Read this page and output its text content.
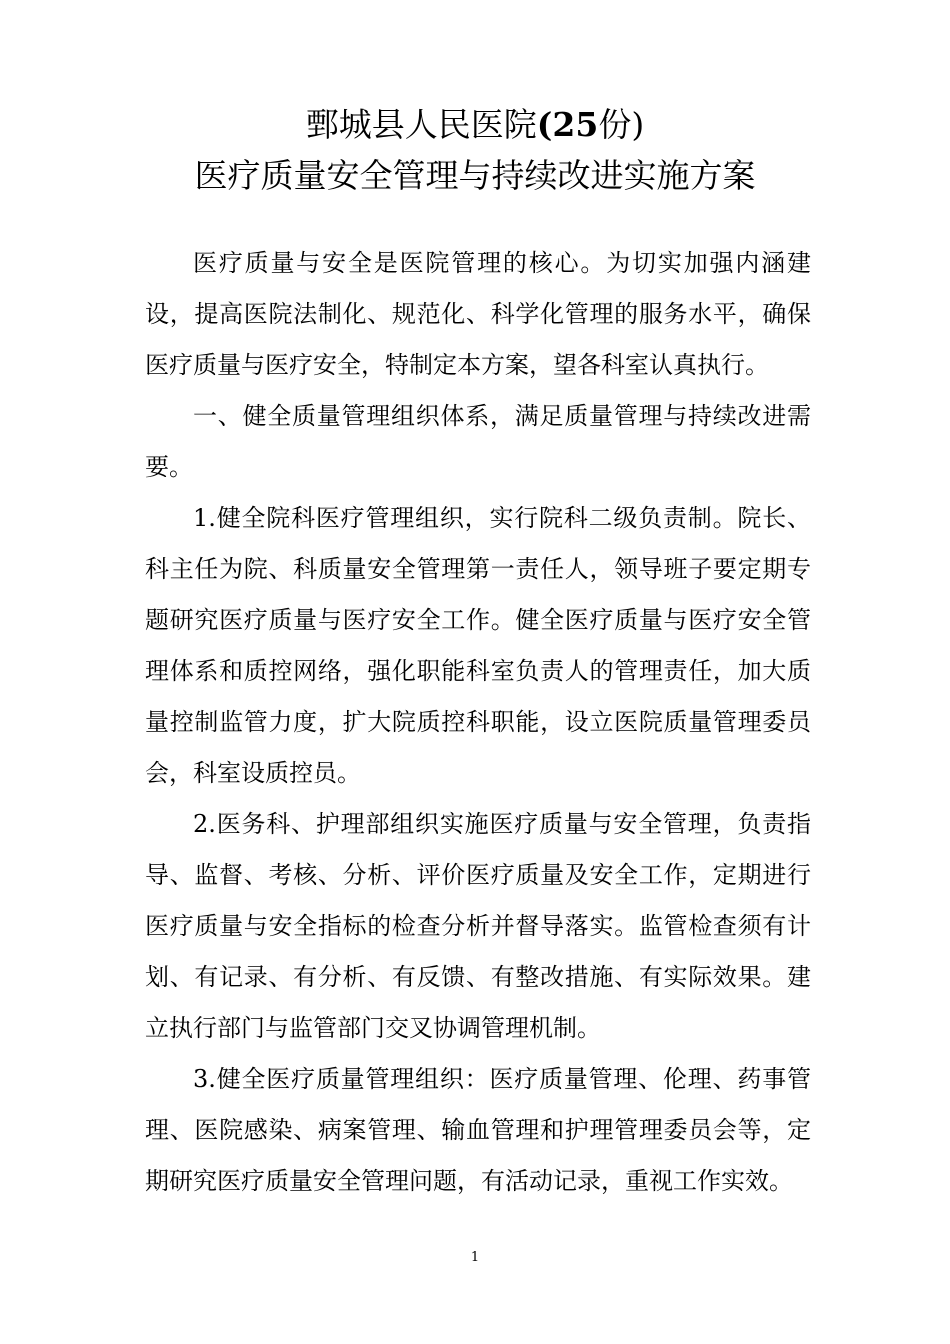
鄄城县人民医院(25份)
医疗质量安全管理与持续改进实施方案

医疗质量与安全是医院管理的核心。为切实加强内涵建设，提高医院法制化、规范化、科学化管理的服务水平，确保医疗质量与医疗安全，特制定本方案，望各科室认真执行。

一、健全质量管理组织体系，满足质量管理与持续改进需要。

1.健全院科医疗管理组织，实行院科二级负责制。院长、科主任为院、科质量安全管理第一责任人，领导班子要定期专题研究医疗质量与医疗安全工作。健全医疗质量与医疗安全管理体系和质控网络，强化职能科室负责人的管理责任，加大质量控制监管力度，扩大院质控科职能，设立医院质量管理委员会，科室设质控员。

2.医务科、护理部组织实施医疗质量与安全管理，负责指导、监督、考核、分析、评价医疗质量及安全工作，定期进行医疗质量与安全指标的检查分析并督导落实。监管检查须有计划、有记录、有分析、有反馈、有整改措施、有实际效果。建立执行部门与监管部门交叉协调管理机制。

3.健全医疗质量管理组织：医疗质量管理、伦理、药事管理、医院感染、病案管理、输血管理和护理管理委员会等，定期研究医疗质量安全管理问题，有活动记录，重视工作实效。

1
